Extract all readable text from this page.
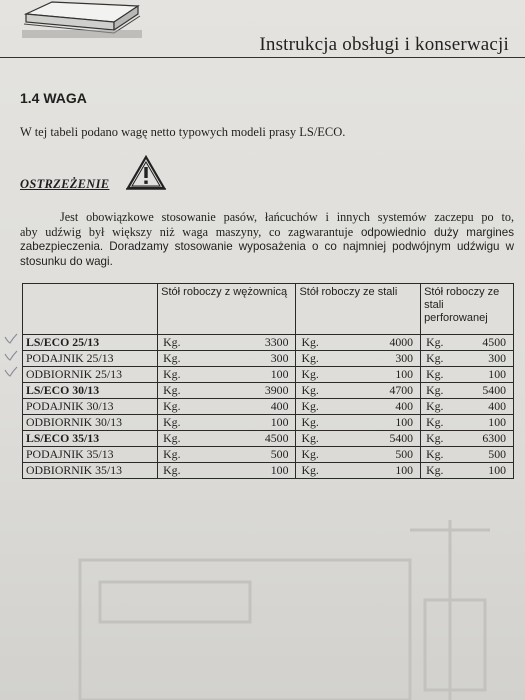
Instrukcja obsługi i konserwacji
1.4 WAGA
W tej tabeli podano wagę netto typowych modeli prasy LS/ECO.
OSTRZEŻENIE
Jest obowiązkowe stosowanie pasów, łańcuchów i innych systemów zaczepu po to,
aby udźwig był większy niż waga maszyny, co zagwarantuje odpowiednio duży margines
zabezpieczenia. Doradzamy stosowanie wyposażenia o co najmniej podwójnym udźwigu w
stosunku do wagi.
	Stół roboczy z wężownicą	Stół roboczy ze stali	Stół roboczy ze stali perforowanej
LS/ECO 25/13	Kg. 3300	Kg. 4000	Kg. 4500

PODAJNIK 25/13	Kg. 300	Kg. 300	Kg. 300

ODBIORNIK 25/13	Kg. 100	Kg. 100	Kg. 100

LS/ECO 30/13	Kg. 3900	Kg. 4700	Kg. 5400

PODAJNIK 30/13	Kg. 400	Kg. 400	Kg. 400

ODBIORNIK 30/13	Kg. 100	Kg. 100	Kg. 100

LS/ECO 35/13	Kg. 4500	Kg. 5400	Kg. 6300

PODAJNIK 35/13	Kg. 500	Kg. 500	Kg. 500

ODBIORNIK 35/13	Kg. 100	Kg. 100	Kg. 100
